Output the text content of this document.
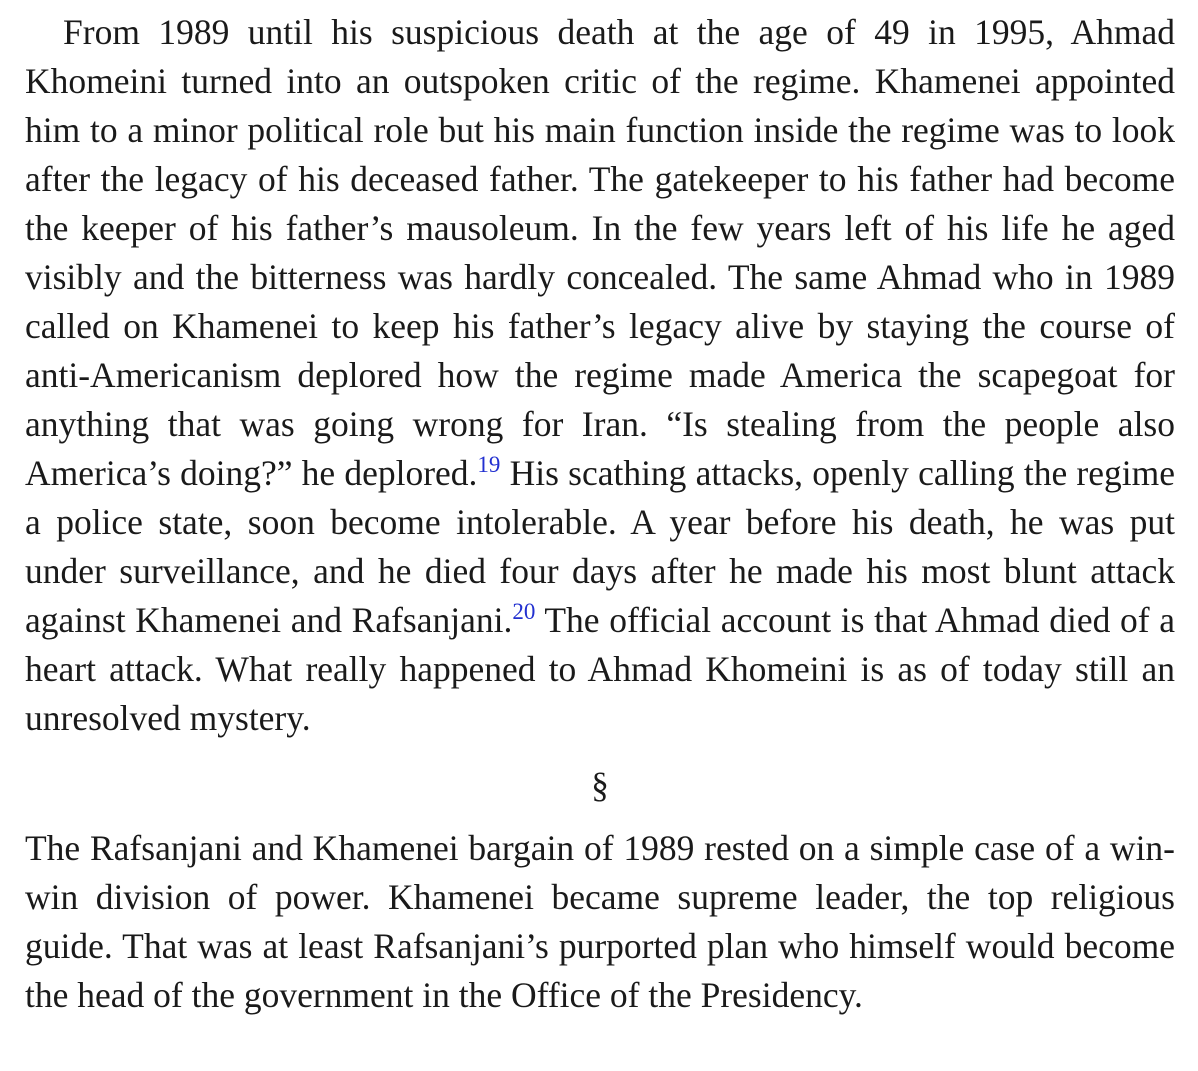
From 1989 until his suspicious death at the age of 49 in 1995, Ahmad Khomeini turned into an outspoken critic of the regime. Khamenei appointed him to a minor political role but his main function inside the regime was to look after the legacy of his deceased father. The gatekeeper to his father had become the keeper of his father’s mausoleum. In the few years left of his life he aged visibly and the bitterness was hardly concealed. The same Ahmad who in 1989 called on Khamenei to keep his father’s legacy alive by staying the course of anti-Americanism deplored how the regime made America the scapegoat for anything that was going wrong for Iran. “Is stealing from the people also America’s doing?” he deplored.$^{19}$ His scathing attacks, openly calling the regime a police state, soon become intolerable. A year before his death, he was put under surveillance, and he died four days after he made his most blunt attack against Khamenei and Rafsanjani.$^{20}$ The official account is that Ahmad died of a heart attack. What really happened to Ahmad Khomeini is as of today still an unresolved mystery.

§

The Rafsanjani and Khamenei bargain of 1989 rested on a simple case of a win-win division of power. Khamenei became supreme leader, the top religious guide. That was at least Rafsanjani’s purported plan who himself would become the head of the government in the Office of the Presidency.
